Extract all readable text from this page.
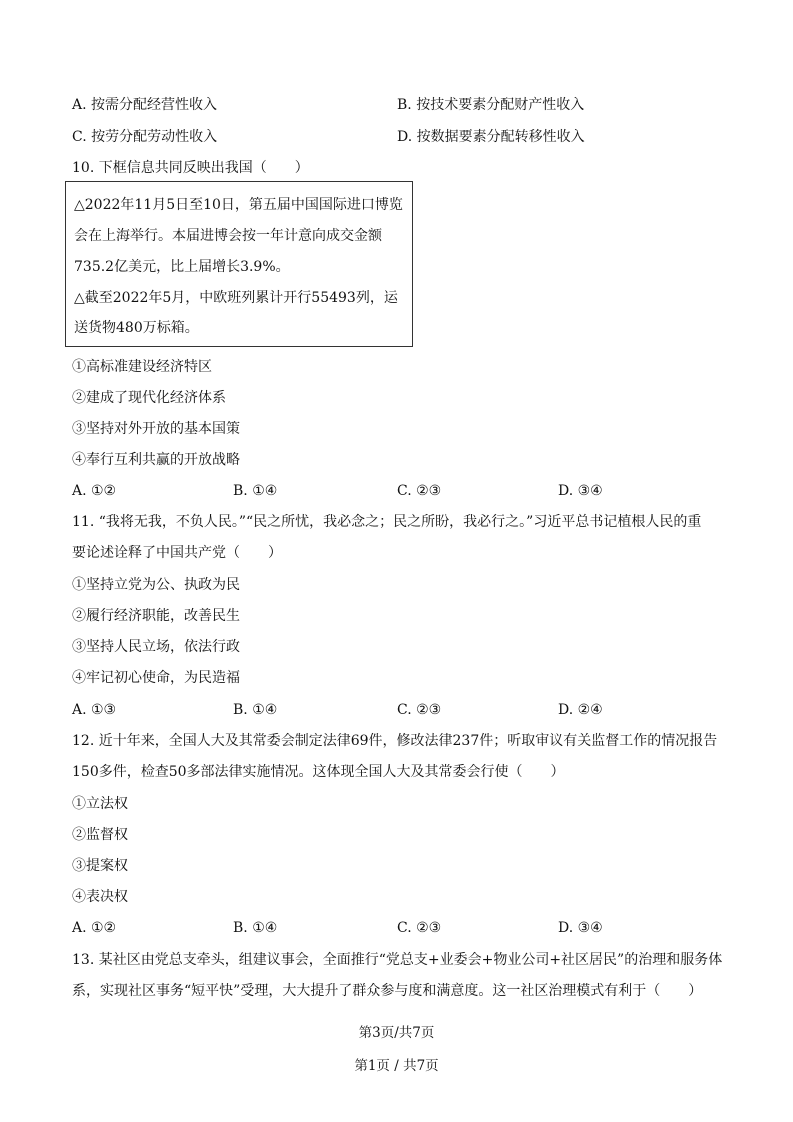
A. 按需分配经营性收入	B. 按技术要素分配财产性收入
C. 按劳分配劳动性收入	D. 按数据要素分配转移性收入
10. 下框信息共同反映出我国（　　）
△2022年11月5日至10日，第五届中国国际进口博览
会在上海举行。本届进博会按一年计意向成交金额
735.2亿美元，比上届增长3.9%。
△截至2022年5月，中欧班列累计开行55493列，运
送货物480万标箱。
①高标准建设经济特区
②建成了现代化经济体系
③坚持对外开放的基本国策
④奉行互利共赢的开放战略
A. ①②	B. ①④	C. ②③	D. ③④
11. “我将无我，不负人民。”“民之所忧，我必念之；民之所盼，我必行之。”习近平总书记植根人民的重
要论述诠释了中国共产党（　　）
①坚持立党为公、执政为民
②履行经济职能，改善民生
③坚持人民立场，依法行政
④牢记初心使命，为民造福
A. ①③	B. ①④	C. ②③	D. ②④
12. 近十年来，全国人大及其常委会制定法律69件，修改法律237件；听取审议有关监督工作的情况报告
150多件，检查50多部法律实施情况。这体现全国人大及其常委会行使（　　）
①立法权
②监督权
③提案权
④表决权
A. ①②	B. ①④	C. ②③	D. ③④
13. 某社区由党总支牵头，组建议事会，全面推行“党总支+业委会+物业公司+社区居民”的治理和服务体
系，实现社区事务“短平快”受理，大大提升了群众参与度和满意度。这一社区治理模式有利于（　　）
第3页/共7页
第1页 / 共7页
